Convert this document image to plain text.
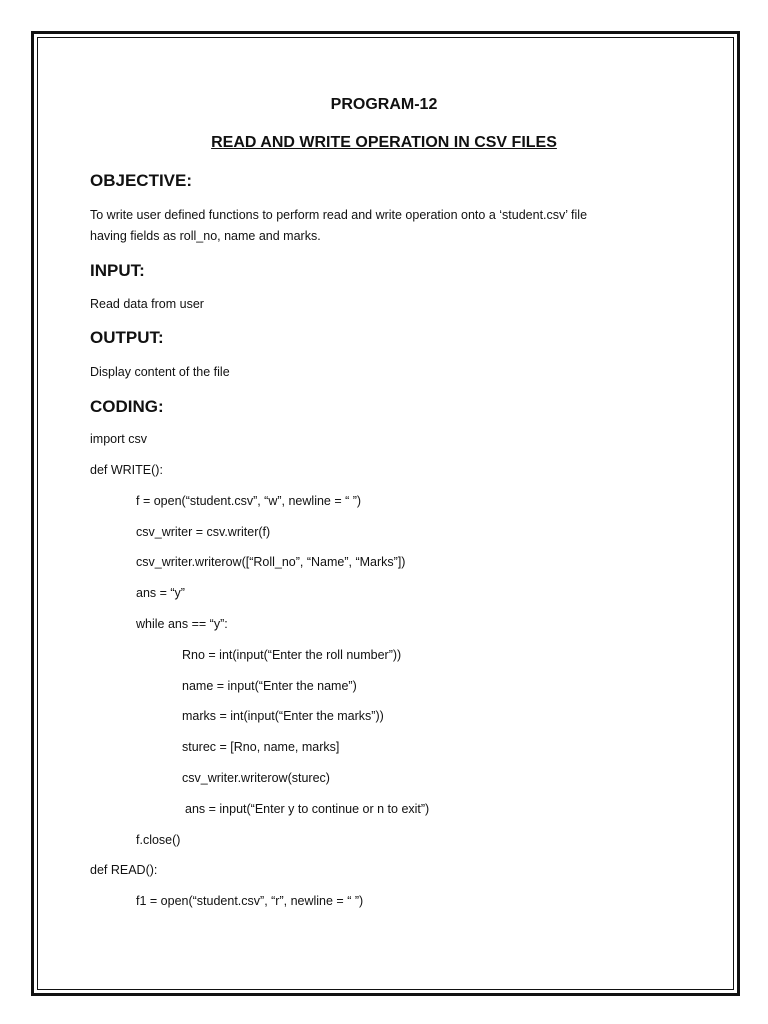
PROGRAM-12
READ AND WRITE OPERATION IN CSV FILES
OBJECTIVE:
To write user defined functions to perform read and write operation onto a ‘student.csv’ file
having fields as roll_no, name and marks.
INPUT:
Read data from user
OUTPUT:
Display content of the file
CODING:
import csv
def WRITE():
f = open(“student.csv”, “w”, newline = “ ”)
csv_writer = csv.writer(f)
csv_writer.writerow([“Roll_no”, “Name”, “Marks”])
ans = “y”
while ans == “y”:
Rno = int(input(“Enter the roll number”))
name = input(“Enter the name”)
marks = int(input(“Enter the marks”))
sturec = [Rno, name, marks]
csv_writer.writerow(sturec)
ans = input(“Enter y to continue or n to exit”)
f.close()
def READ():
f1 = open(“student.csv”, “r”, newline = “ ”)
